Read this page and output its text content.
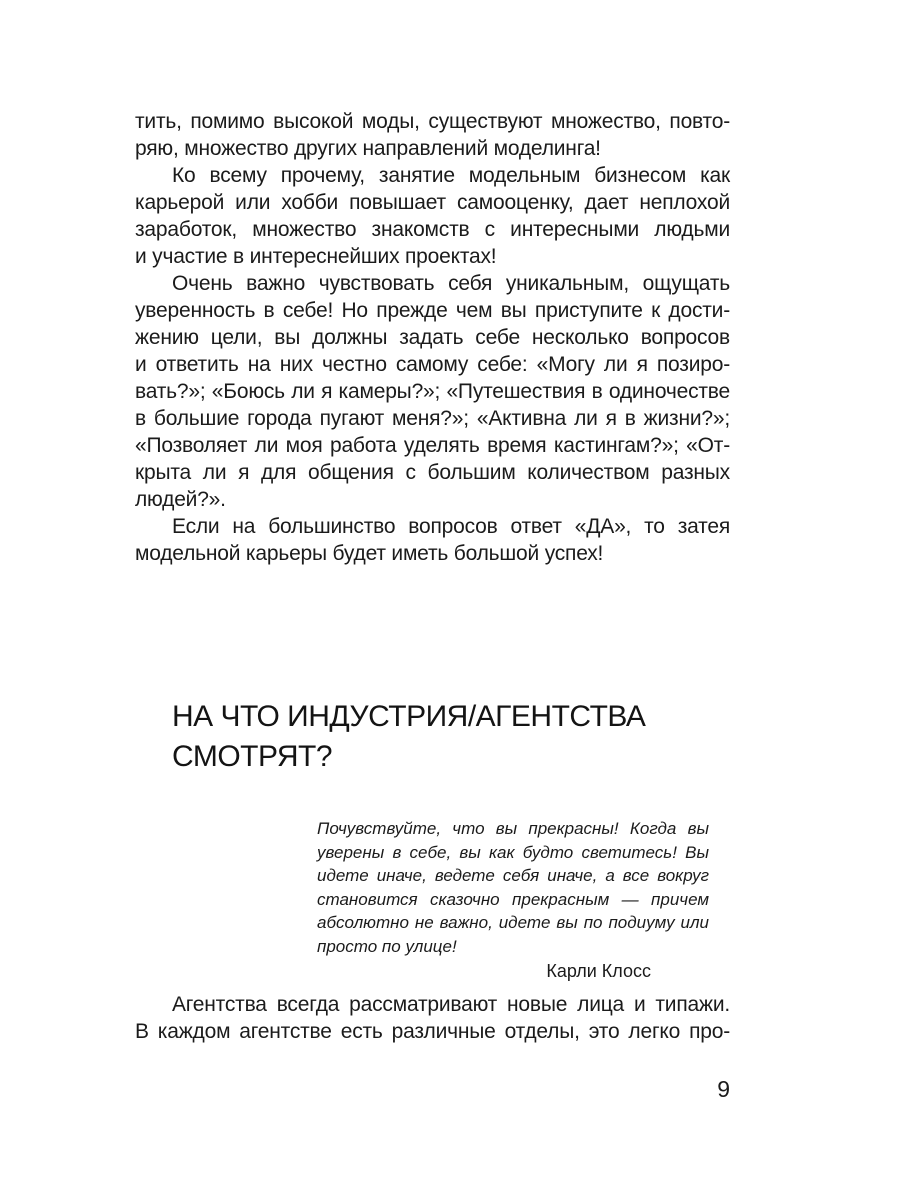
тить, помимо высокой моды, существуют множество, повто-
ряю, множество других направлений моделинга!
Ко всему прочему, занятие модельным бизнесом как
карьерой или хобби повышает самооценку, дает неплохой
заработок, множество знакомств с интересными людьми
и участие в интереснейших проектах!
Очень важно чувствовать себя уникальным, ощущать
уверенность в себе! Но прежде чем вы приступите к дости-
жению цели, вы должны задать себе несколько вопросов
и ответить на них честно самому себе: «Могу ли я позиро-
вать?»; «Боюсь ли я камеры?»; «Путешествия в одиночестве
в большие города пугают меня?»; «Активна ли я в жизни?»;
«Позволяет ли моя работа уделять время кастингам?»; «От-
крыта ли я для общения с большим количеством разных
людей?».
Если на большинство вопросов ответ «ДА», то затея
модельной карьеры будет иметь большой успех!
НА ЧТО ИНДУСТРИЯ/АГЕНТСТВА
СМОТРЯТ?
Почувствуйте, что вы прекрасны! Когда вы
уверены в себе, вы как будто светитесь! Вы
идете иначе, ведете себя иначе, а все вокруг
становится сказочно прекрасным — причем
абсолютно не важно, идете вы по подиуму или
просто по улице!
Карли Клосс
Агентства всегда рассматривают новые лица и типажи.
В каждом агентстве есть различные отделы, это легко про-
9
